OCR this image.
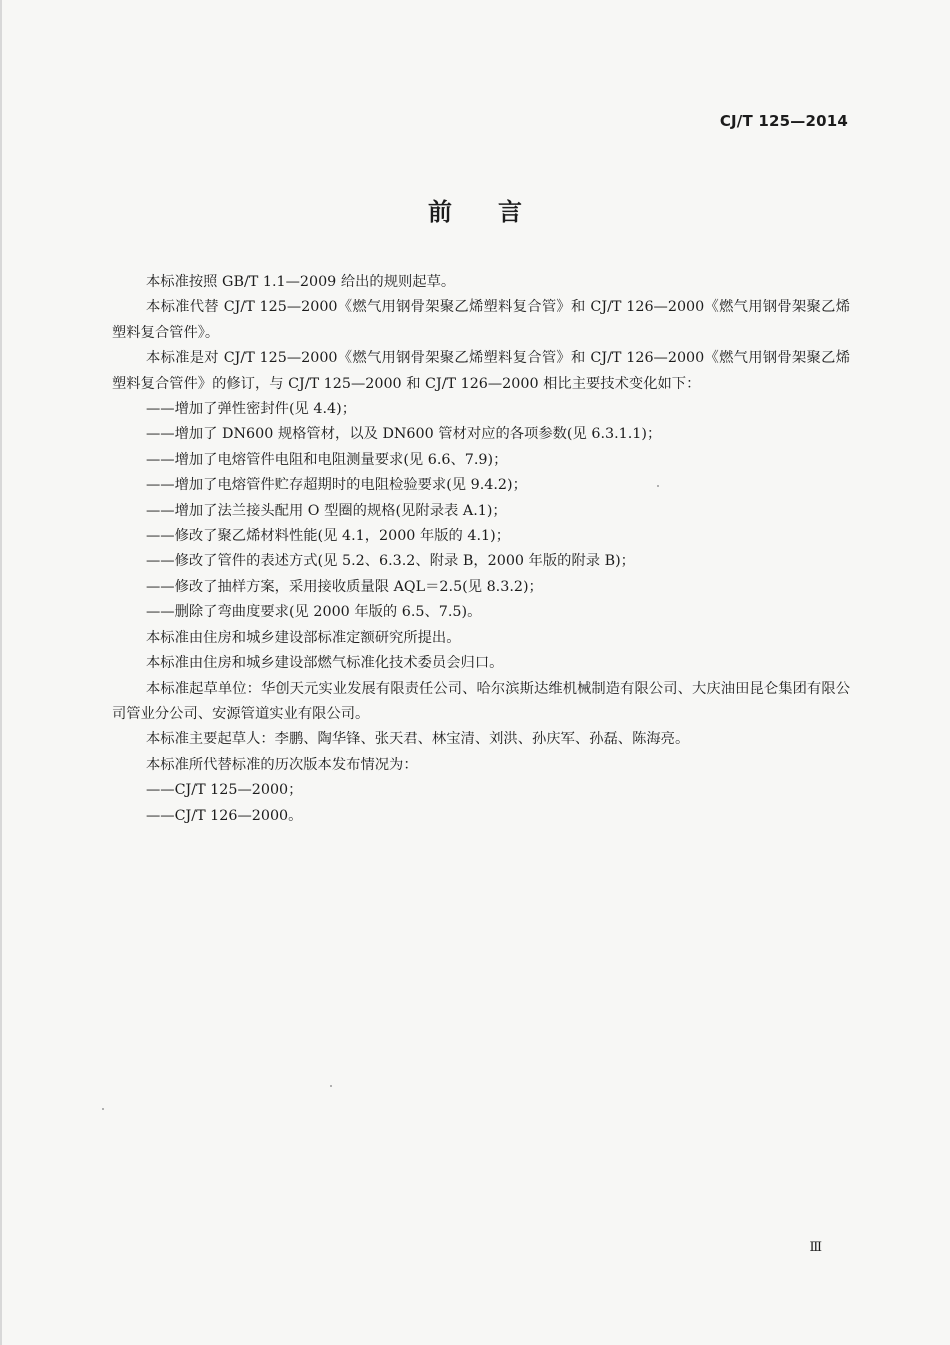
CJ/T 125—2014
前言

本标准按照 GB/T 1.1—2009 给出的规则起草。

本标准代替 CJ/T 125—2000《燃气用钢骨架聚乙烯塑料复合管》和 CJ/T 126—2000《燃气用钢骨架聚乙烯塑料复合管件》。

本标准是对 CJ/T 125—2000《燃气用钢骨架聚乙烯塑料复合管》和 CJ/T 126—2000《燃气用钢骨架聚乙烯塑料复合管件》的修订，与 CJ/T 125—2000 和 CJ/T 126—2000 相比主要技术变化如下：

——增加了弹性密封件(见 4.4)；

——增加了 DN600 规格管材，以及 DN600 管材对应的各项参数(见 6.3.1.1)；

——增加了电熔管件电阻和电阻测量要求(见 6.6、7.9)；

——增加了电熔管件贮存超期时的电阻检验要求(见 9.4.2)；

——增加了法兰接头配用 O 型圈的规格(见附录表 A.1)；

——修改了聚乙烯材料性能(见 4.1，2000 年版的 4.1)；

——修改了管件的表述方式(见 5.2、6.3.2、附录 B，2000 年版的附录 B)；

——修改了抽样方案，采用接收质量限 AQL＝2.5(见 8.3.2)；

——删除了弯曲度要求(见 2000 年版的 6.5、7.5)。

本标准由住房和城乡建设部标准定额研究所提出。

本标准由住房和城乡建设部燃气标准化技术委员会归口。

本标准起草单位：华创天元实业发展有限责任公司、哈尔滨斯达维机械制造有限公司、大庆油田昆仑集团有限公司管业分公司、安源管道实业有限公司。

本标准主要起草人：李鹏、陶华锋、张天君、林宝清、刘洪、孙庆军、孙磊、陈海亮。

本标准所代替标准的历次版本发布情况为：

——CJ/T 125—2000；

——CJ/T 126—2000。

Ⅲ
